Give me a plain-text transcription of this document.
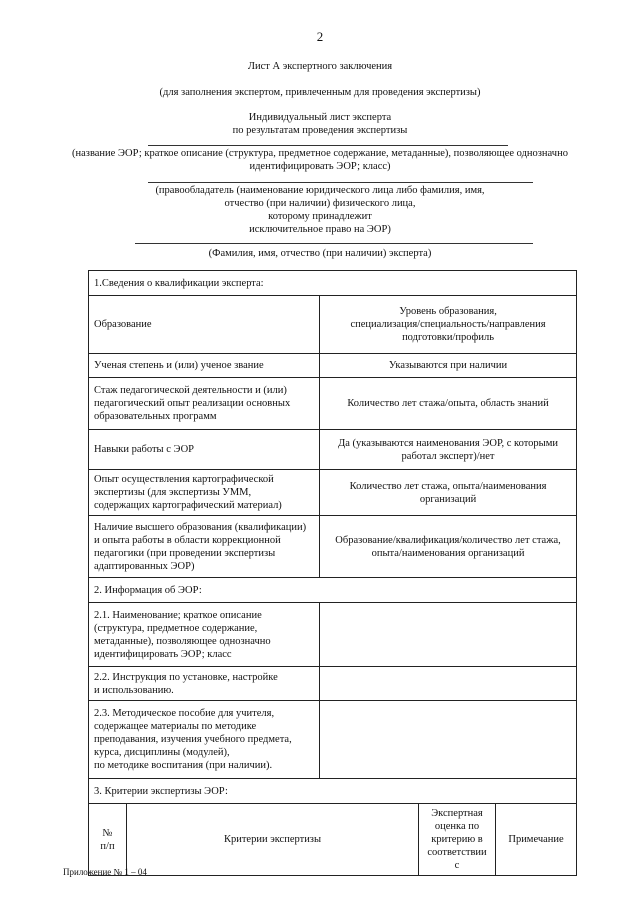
2
Лист А экспертного заключения
(для заполнения экспертом, привлеченным для проведения экспертизы)
Индивидуальный лист эксперта
по результатам проведения экспертизы
(название ЭОР; краткое описание (структура, предметное содержание, метаданные), позволяющее однозначно
идентифицировать ЭОР; класс)
(правообладатель (наименование юридического лица либо фамилия, имя,
отчество (при наличии) физического лица,
которому принадлежит
исключительное право на ЭОР)
(Фамилия, имя, отчество (при наличии) эксперта)
1.Сведения о квалификации эксперта:				
Образование		Уровень образования,
специализация/специальность/направления
подготовки/профиль		
Ученая степень и (или) ученое звание		Указываются при наличии		
Стаж педагогической деятельности и (или)
педагогический опыт реализации основных
образовательных программ		Количество лет стажа/опыта, область знаний		
Навыки работы с ЭОР		Да (указываются наименования ЭОР, с которыми
работал эксперт)/нет		
Опыт осуществления картографической
экспертизы (для экспертизы УММ,
содержащих картографический материал)		Количество лет стажа, опыта/наименования
организаций		
Наличие высшего образования (квалификации)
и опыта работы в области коррекционной
педагогики (при проведении экспертизы
адаптированных ЭОР)		Образование/квалификация/количество лет стажа,
опыта/наименования организаций		
2. Информация об ЭОР:				
2.1. Наименование; краткое описание
(структура, предметное содержание,
метаданные), позволяющее однозначно
идентифицировать ЭОР; класс				
2.2. Инструкция по установке, настройке
и использованию.				
2.3. Методическое пособие для учителя,
содержащее материалы по методике
преподавания, изучения учебного предмета,
курса, дисциплины (модулей),
по методике воспитания (при наличии).				
3. Критерии экспертизы ЭОР:				
№
п/п	Критерии экспертизы		Экспертная
оценка по
критерию в
соответствии с	Примечание
Приложение № 1 – 04
